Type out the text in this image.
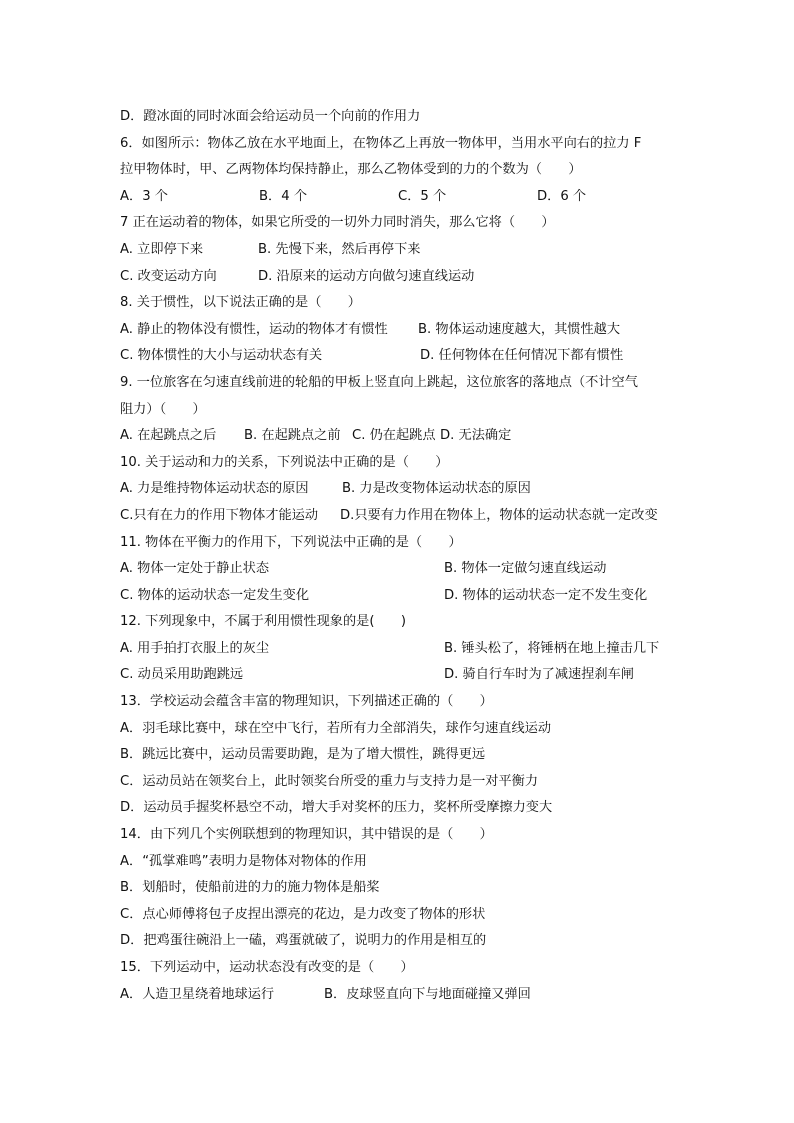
D．蹬冰面的同时冰面会给运动员一个向前的作用力
6．如图所示：物体乙放在水平地面上，在物体乙上再放一物体甲，当用水平向右的拉力 F
拉甲物体时，甲、乙两物体均保持静止，那么乙物体受到的力的个数为（　　）
A．3 个	B．4 个	C．5 个	D．6 个
7 正在运动着的物体，如果它所受的一切外力同时消失，那么它将（　　）
A. 立即停下来	B. 先慢下来，然后再停下来
C. 改变运动方向	D. 沿原来的运动方向做匀速直线运动
8. 关于惯性，以下说法正确的是（　　）
A. 静止的物体没有惯性，运动的物体才有惯性	B. 物体运动速度越大，其惯性越大
C. 物体惯性的大小与运动状态有关	D. 任何物体在任何情况下都有惯性
9. 一位旅客在匀速直线前进的轮船的甲板上竖直向上跳起，这位旅客的落地点（不计空气
阻力）（　　）
A. 在起跳点之后	B. 在起跳点之前 C. 仍在起跳点 D. 无法确定
10. 关于运动和力的关系，下列说法中正确的是（　　）
A. 力是维持物体运动状态的原因	B. 力是改变物体运动状态的原因
C.只有在力的作用下物体才能运动	D.只要有力作用在物体上，物体的运动状态就一定改变
11. 物体在平衡力的作用下，下列说法中正确的是（　　）
A. 物体一定处于静止状态	B. 物体一定做匀速直线运动
C. 物体的运动状态一定发生变化	D. 物体的运动状态一定不发生变化
12. 下列现象中，不属于利用惯性现象的是(　　)
A. 用手拍打衣服上的灰尘	B. 锤头松了，将锤柄在地上撞击几下
C. 动员采用助跑跳远	D. 骑自行车时为了减速捏刹车闸
13．学校运动会蕴含丰富的物理知识，下列描述正确的（　　）
A．羽毛球比赛中，球在空中飞行，若所有力全部消失，球作匀速直线运动
B．跳远比赛中，运动员需要助跑，是为了增大惯性，跳得更远
C．运动员站在领奖台上，此时领奖台所受的重力与支持力是一对平衡力
D．运动员手握奖杯悬空不动，增大手对奖杯的压力，奖杯所受摩擦力变大
14．由下列几个实例联想到的物理知识，其中错误的是（　　）
A．“孤掌难鸣”表明力是物体对物体的作用
B．划船时，使船前进的力的施力物体是船桨
C．点心师傅将包子皮捏出漂亮的花边，是力改变了物体的形状
D．把鸡蛋往碗沿上一磕，鸡蛋就破了，说明力的作用是相互的
15．下列运动中，运动状态没有改变的是（　　）
A．人造卫星绕着地球运行	B．皮球竖直向下与地面碰撞又弹回
